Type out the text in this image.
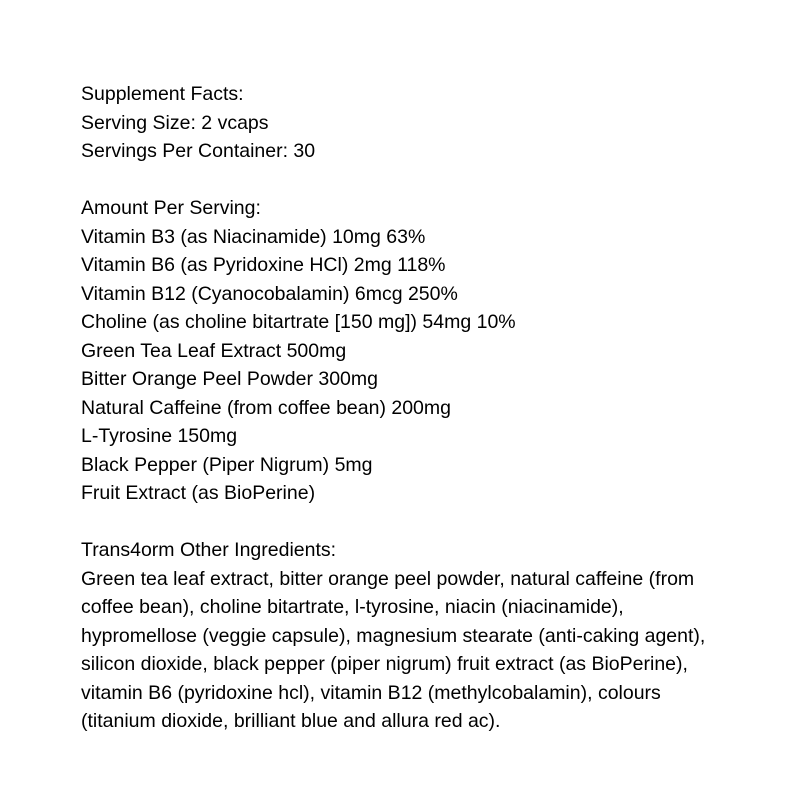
Supplement Facts:
Serving Size: 2 vcaps
Servings Per Container: 30
Amount Per Serving:
Vitamin B3 (as Niacinamide) 10mg 63%
Vitamin B6 (as Pyridoxine HCl) 2mg 118%
Vitamin B12 (Cyanocobalamin) 6mcg 250%
Choline (as choline bitartrate [150 mg]) 54mg 10%
Green Tea Leaf Extract 500mg
Bitter Orange Peel Powder 300mg
Natural Caffeine (from coffee bean) 200mg
L-Tyrosine 150mg
Black Pepper (Piper Nigrum) 5mg
Fruit Extract (as BioPerine)
Trans4orm Other Ingredients:
Green tea leaf extract, bitter orange peel powder, natural caffeine (from
coffee bean), choline bitartrate, l-tyrosine, niacin (niacinamide),
hypromellose (veggie capsule), magnesium stearate (anti-caking agent),
silicon dioxide, black pepper (piper nigrum) fruit extract (as BioPerine),
vitamin B6 (pyridoxine hcl), vitamin B12 (methylcobalamin), colours
(titanium dioxide, brilliant blue and allura red ac).
